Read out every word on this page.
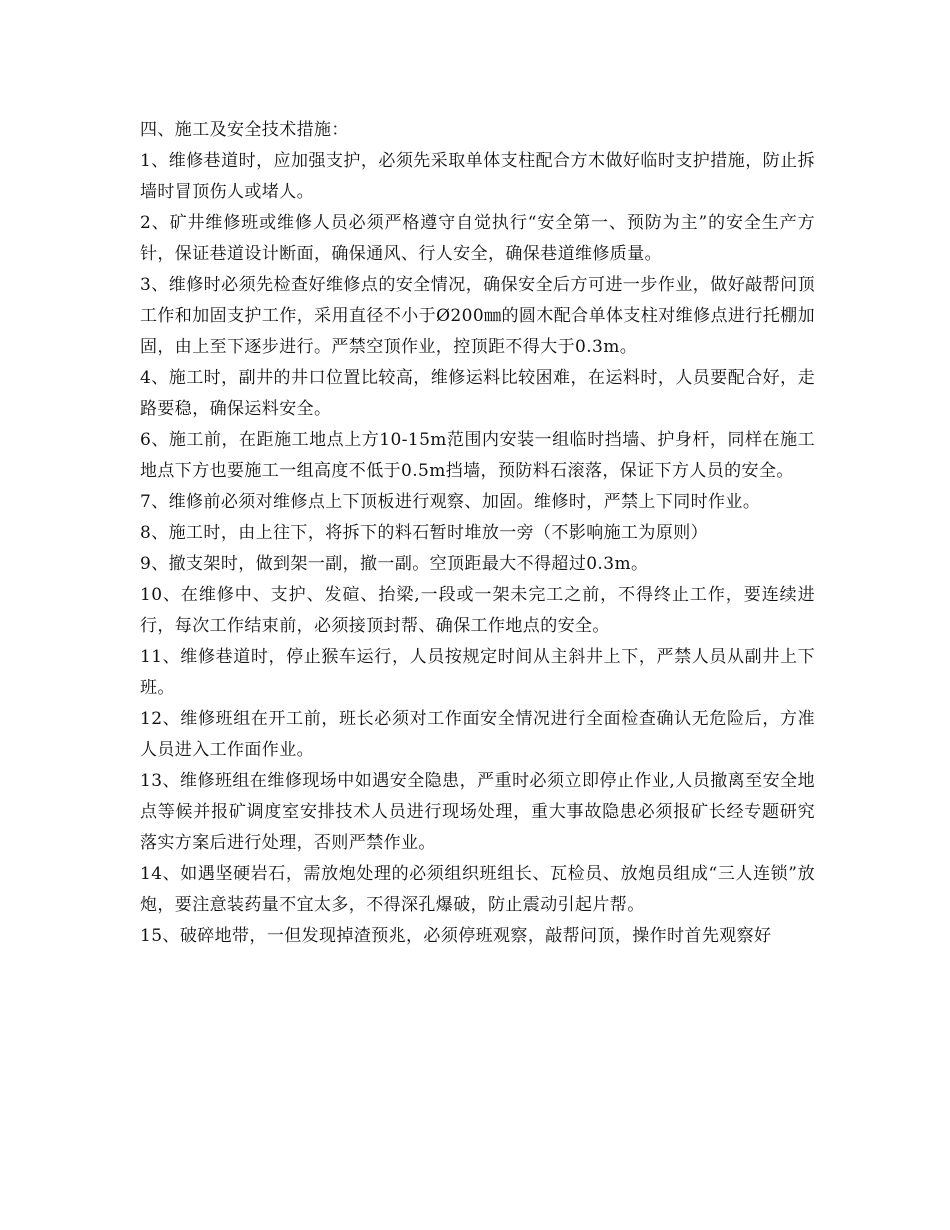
四、施工及安全技术措施：

1、维修巷道时，应加强支护，必须先采取单体支柱配合方木做好临时支护措施，防止拆墙时冒顶伤人或堵人。

2、矿井维修班或维修人员必须严格遵守自觉执行“安全第一、预防为主”的安全生产方针，保证巷道设计断面，确保通风、行人安全，确保巷道维修质量。

3、维修时必须先检查好维修点的安全情况，确保安全后方可进一步作业，做好敲帮问顶工作和加固支护工作，采用直径不小于Ø200㎜的圆木配合单体支柱对维修点进行托棚加固，由上至下逐步进行。严禁空顶作业，控顶距不得大于0.3m。

4、施工时，副井的井口位置比较高，维修运料比较困难，在运料时，人员要配合好，走路要稳，确保运料安全。

6、施工前，在距施工地点上方10-15m范围内安装一组临时挡墙、护身杆，同样在施工地点下方也要施工一组高度不低于0.5m挡墙，预防料石滚落，保证下方人员的安全。

7、维修前必须对维修点上下顶板进行观察、加固。维修时，严禁上下同时作业。

8、施工时，由上往下，将拆下的料石暂时堆放一旁（不影响施工为原则）

9、撤支架时，做到架一副，撤一副。空顶距最大不得超过0.3m。

10、在维修中、支护、发碹、抬梁,一段或一架未完工之前，不得终止工作，要连续进行，每次工作结束前，必须接顶封帮、确保工作地点的安全。

11、维修巷道时，停止猴车运行，人员按规定时间从主斜井上下，严禁人员从副井上下班。

12、维修班组在开工前，班长必须对工作面安全情况进行全面检查确认无危险后，方准人员进入工作面作业。

13、维修班组在维修现场中如遇安全隐患，严重时必须立即停止作业,人员撤离至安全地点等候并报矿调度室安排技术人员进行现场处理，重大事故隐患必须报矿长经专题研究落实方案后进行处理，否则严禁作业。

14、如遇坚硬岩石，需放炮处理的必须组织班组长、瓦检员、放炮员组成“三人连锁”放炮，要注意装药量不宜太多，不得深孔爆破，防止震动引起片帮。

15、破碎地带，一但发现掉渣预兆，必须停班观察，敲帮问顶，操作时首先观察好
